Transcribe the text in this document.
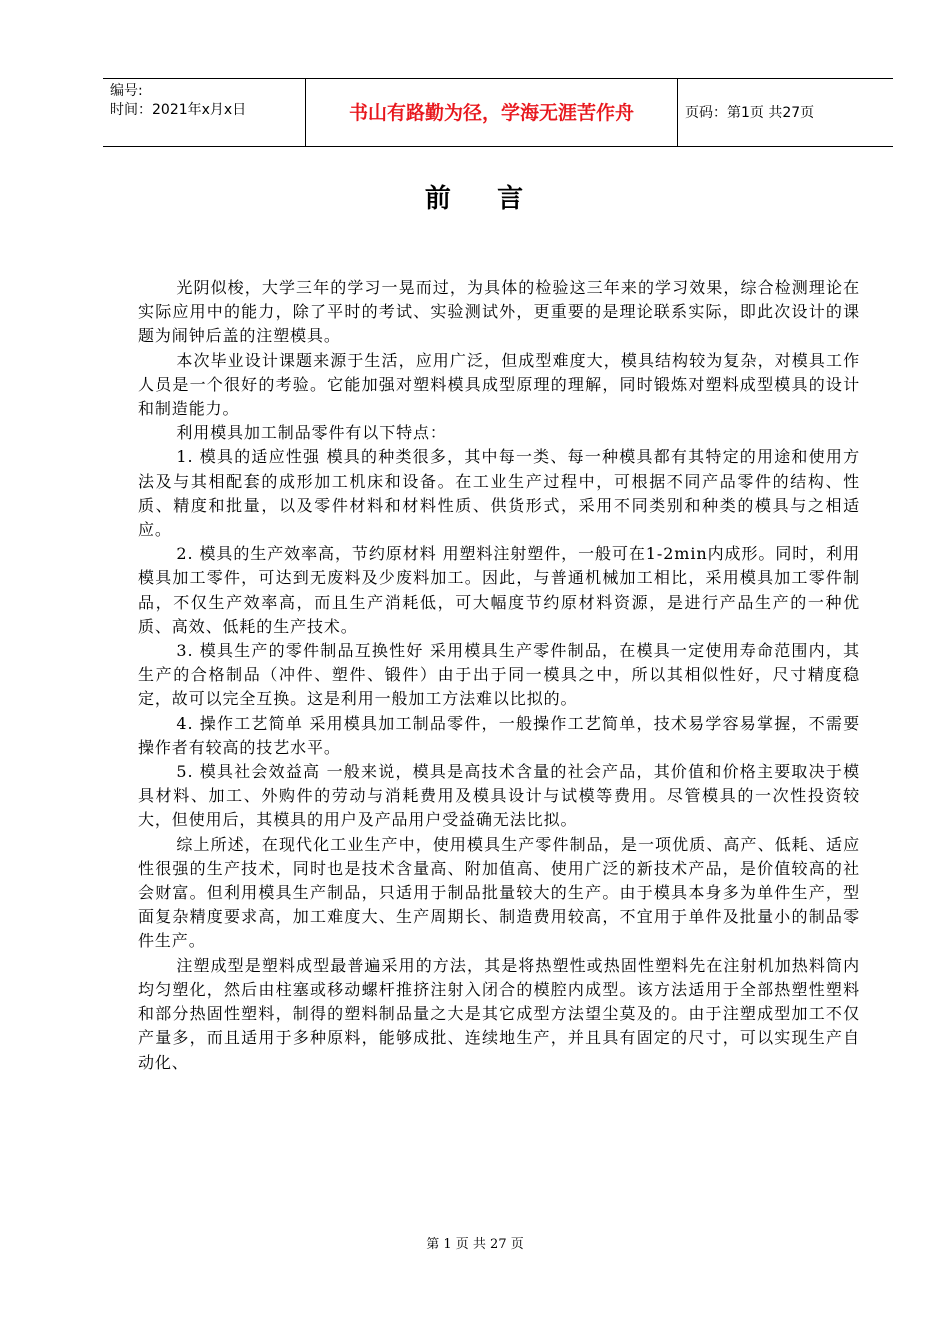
编号:
时间：2021年x月x日	书山有路勤为径，学海无涯苦作舟	页码：第1页 共27页
前    言

光阴似梭，大学三年的学习一晃而过，为具体的检验这三年来的学习效果，综合检测理论在实际应用中的能力，除了平时的考试、实验测试外，更重要的是理论联系实际，即此次设计的课题为闹钟后盖的注塑模具。

本次毕业设计课题来源于生活，应用广泛，但成型难度大，模具结构较为复杂，对模具工作人员是一个很好的考验。它能加强对塑料模具成型原理的理解，同时锻炼对塑料成型模具的设计和制造能力。

利用模具加工制品零件有以下特点：

1. 模具的适应性强 模具的种类很多，其中每一类、每一种模具都有其特定的用途和使用方法及与其相配套的成形加工机床和设备。在工业生产过程中，可根据不同产品零件的结构、性质、精度和批量，以及零件材料和材料性质、供货形式，采用不同类别和种类的模具与之相适应。

2. 模具的生产效率高，节约原材料 用塑料注射塑件，一般可在1-2min内成形。同时，利用模具加工零件，可达到无废料及少废料加工。因此，与普通机械加工相比，采用模具加工零件制品，不仅生产效率高，而且生产消耗低，可大幅度节约原材料资源，是进行产品生产的一种优质、高效、低耗的生产技术。

3. 模具生产的零件制品互换性好 采用模具生产零件制品，在模具一定使用寿命范围内，其生产的合格制品（冲件、塑件、锻件）由于出于同一模具之中，所以其相似性好，尺寸精度稳定，故可以完全互换。这是利用一般加工方法难以比拟的。

4. 操作工艺简单 采用模具加工制品零件，一般操作工艺简单，技术易学容易掌握，不需要操作者有较高的技艺水平。

5. 模具社会效益高 一般来说，模具是高技术含量的社会产品，其价值和价格主要取决于模具材料、加工、外购件的劳动与消耗费用及模具设计与试模等费用。尽管模具的一次性投资较大，但使用后，其模具的用户及产品用户受益确无法比拟。

综上所述，在现代化工业生产中，使用模具生产零件制品，是一项优质、高产、低耗、适应性很强的生产技术，同时也是技术含量高、附加值高、使用广泛的新技术产品，是价值较高的社会财富。但利用模具生产制品，只适用于制品批量较大的生产。由于模具本身多为单件生产，型面复杂精度要求高，加工难度大、生产周期长、制造费用较高，不宜用于单件及批量小的制品零件生产。

注塑成型是塑料成型最普遍采用的方法，其是将热塑性或热固性塑料先在注射机加热料筒内均匀塑化，然后由柱塞或移动螺杆推挤注射入闭合的模腔内成型。该方法适用于全部热塑性塑料和部分热固性塑料，制得的塑料制品量之大是其它成型方法望尘莫及的。由于注塑成型加工不仅产量多，而且适用于多种原料，能够成批、连续地生产，并且具有固定的尺寸，可以实现生产自动化、

第 1 页 共 27 页
